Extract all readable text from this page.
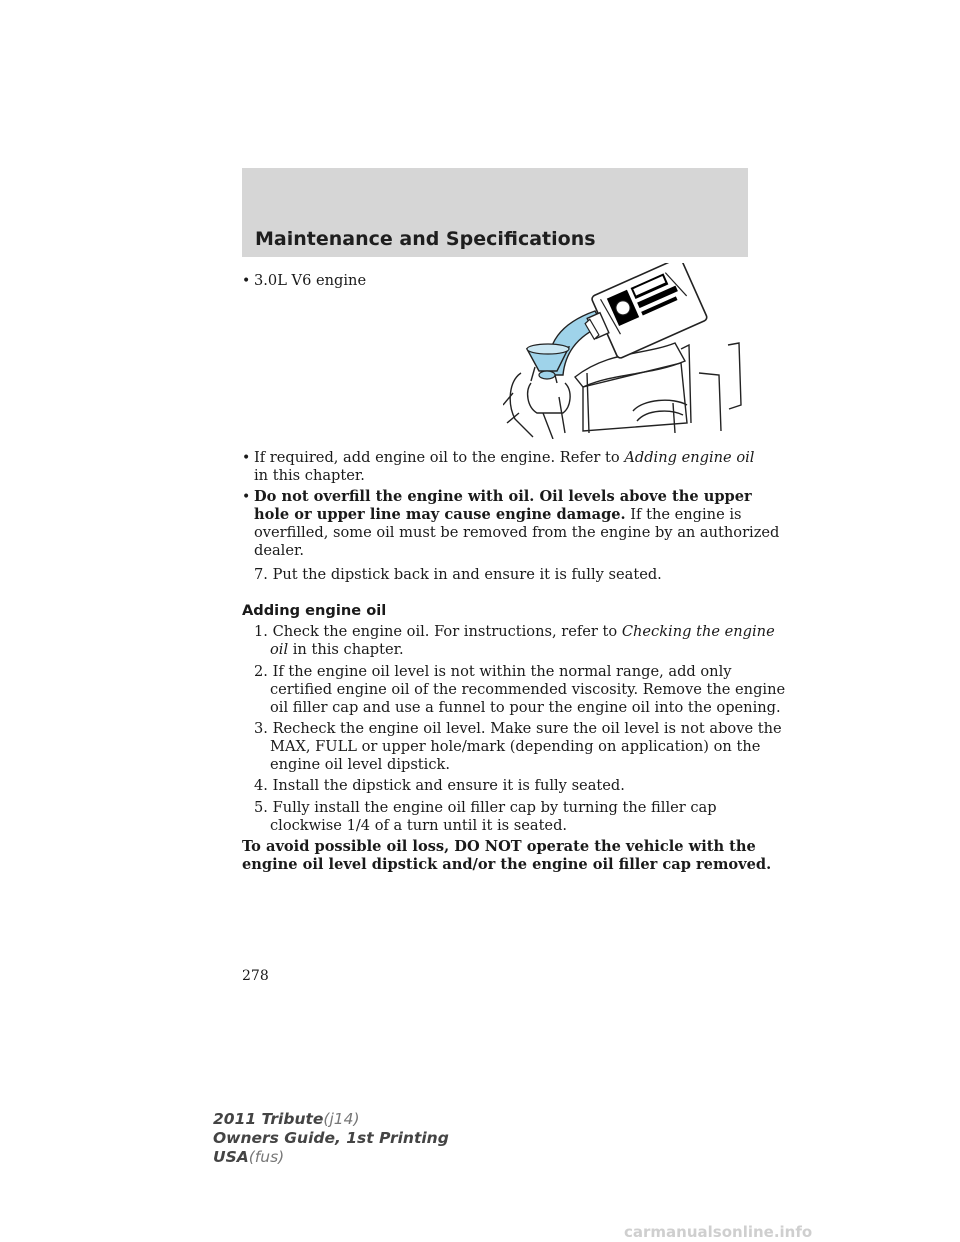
Maintenance and Specifications
• 3.0L V6 engine
• If required, add engine oil to the engine. Refer to Adding engine oil
in this chapter.
• Do not overfill the engine with oil. Oil levels above the upper
hole or upper line may cause engine damage. If the engine is
overfilled, some oil must be removed from the engine by an authorized
dealer.
7. Put the dipstick back in and ensure it is fully seated.
Adding engine oil
1. Check the engine oil. For instructions, refer to Checking the engine
oil in this chapter.
2. If the engine oil level is not within the normal range, add only
certified engine oil of the recommended viscosity. Remove the engine
oil filler cap and use a funnel to pour the engine oil into the opening.
3. Recheck the engine oil level. Make sure the oil level is not above the
MAX, FULL or upper hole/mark (depending on application) on the
engine oil level dipstick.
4. Install the dipstick and ensure it is fully seated.
5. Fully install the engine oil filler cap by turning the filler cap
clockwise 1/4 of a turn until it is seated.
To avoid possible oil loss, DO NOT operate the vehicle with the
engine oil level dipstick and/or the engine oil filler cap removed.
278
2011 Tribute(j14)
Owners Guide, 1st Printing
USA(fus)
carmanualsonline.info
